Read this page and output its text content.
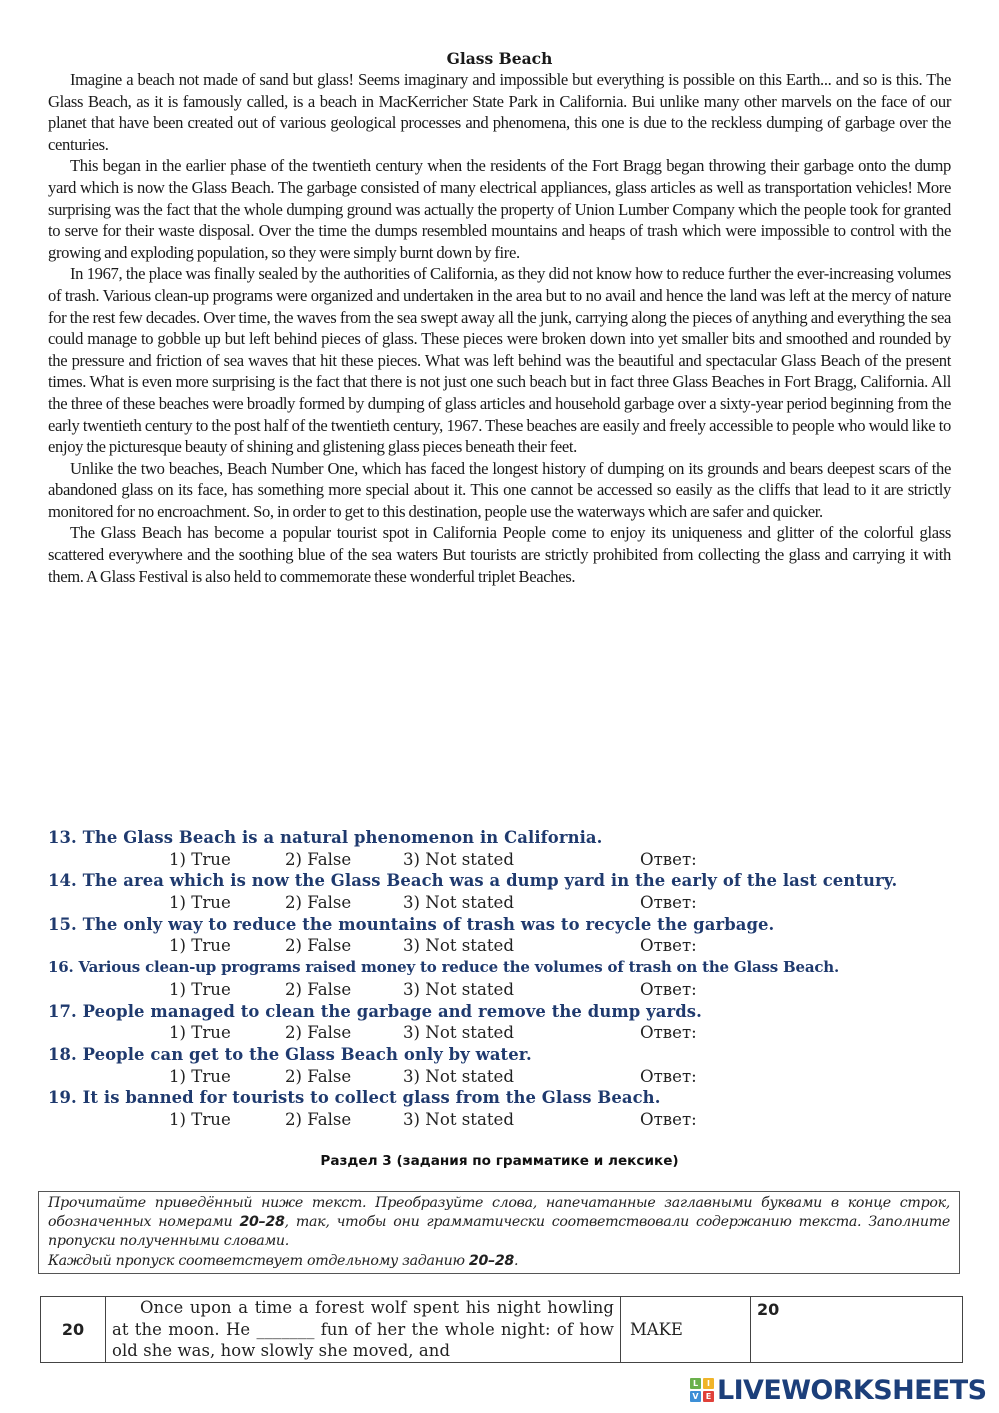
Glass Beach

Imagine a beach not made of sand but glass! Seems imaginary and impossible but everything is possible on this Earth... and so is this. The Glass Beach, as it is famously called, is a beach in MacKerricher State Park in California. Bui unlike many other marvels on the face of our planet that have been created out of various geological processes and phenomena, this one is due to the reckless dumping of garbage over the centuries.

This began in the earlier phase of the twentieth century when the residents of the Fort Bragg began throwing their garbage onto the dump yard which is now the Glass Beach. The garbage consisted of many electrical appliances, glass articles as well as transportation vehicles! More surprising was the fact that the whole dumping ground was actually the property of Union Lumber Company which the people took for granted to serve for their waste disposal. Over the time the dumps resembled mountains and heaps of trash which were impossible to control with the growing and exploding population, so they were simply burnt down by fire.

In 1967, the place was finally sealed by the authorities of California, as they did not know how to reduce further the ever-increasing volumes of trash. Various clean-up programs were organized and undertaken in the area but to no avail and hence the land was left at the mercy of nature for the rest few decades. Over time, the waves from the sea swept away all the junk, carrying along the pieces of anything and everything the sea could manage to gobble up but left behind pieces of glass. These pieces were broken down into yet smaller bits and smoothed and rounded by the pressure and friction of sea waves that hit these pieces. What was left behind was the beautiful and spectacular Glass Beach of the present times. What is even more surprising is the fact that there is not just one such beach but in fact three Glass Beaches in Fort Bragg, California. All the three of these beaches were broadly formed by dumping of glass articles and household garbage over a sixty-year period beginning from the early twentieth century to the post half of the twentieth century, 1967. These beaches are easily and freely accessible to people who would like to enjoy the picturesque beauty of shining and glistening glass pieces beneath their feet.

Unlike the two beaches, Beach Number One, which has faced the longest history of dumping on its grounds and bears deepest scars of the abandoned glass on its face, has something more special about it. This one cannot be accessed so easily as the cliffs that lead to it are strictly monitored for no encroachment. So, in order to get to this destination, people use the waterways which are safer and quicker.

The Glass Beach has become a popular tourist spot in California People come to enjoy its uniqueness and glitter of the colorful glass scattered everywhere and the soothing blue of the sea waters But tourists are strictly prohibited from collecting the glass and carrying it with them. A Glass Festival is also held to commemorate these wonderful triplet Beaches.

13. The Glass Beach is a natural phenomenon in California.
1) True	2) False	3) Not stated	Ответ:
14. The area which is now the Glass Beach was a dump yard in the early of the last century.
1) True	2) False	3) Not stated	Ответ:
15. The only way to reduce the mountains of trash was to recycle the garbage.
1) True	2) False	3) Not stated	Ответ:
16. Various clean-up programs raised money to reduce the volumes of trash on the Glass Beach.
1) True	2) False	3) Not stated	Ответ:
17. People managed to clean the garbage and remove the dump yards.
1) True	2) False	3) Not stated	Ответ:
18. People can get to the Glass Beach only by water.
1) True	2) False	3) Not stated	Ответ:
19. It is banned for tourists to collect glass from the Glass Beach.
1) True	2) False	3) Not stated	Ответ:
Раздел 3 (задания по грамматике и лексике)
Прочитайте приведённый ниже текст. Преобразуйте слова, напечатанные заглавными буквами в конце строк, обозначенных номерами 20–28, так, чтобы они грамматически соответствовали содержанию текста. Заполните пропуски полученными словами.
Каждый пропуск соответствует отдельному заданию 20–28.
20	Once upon a time a forest wolf spent his night howling at the moon. He _______ fun of her the whole night: of how old she was, how slowly she moved, and	MAKE	20
L	I
V E LIVEWORKSHEETS
